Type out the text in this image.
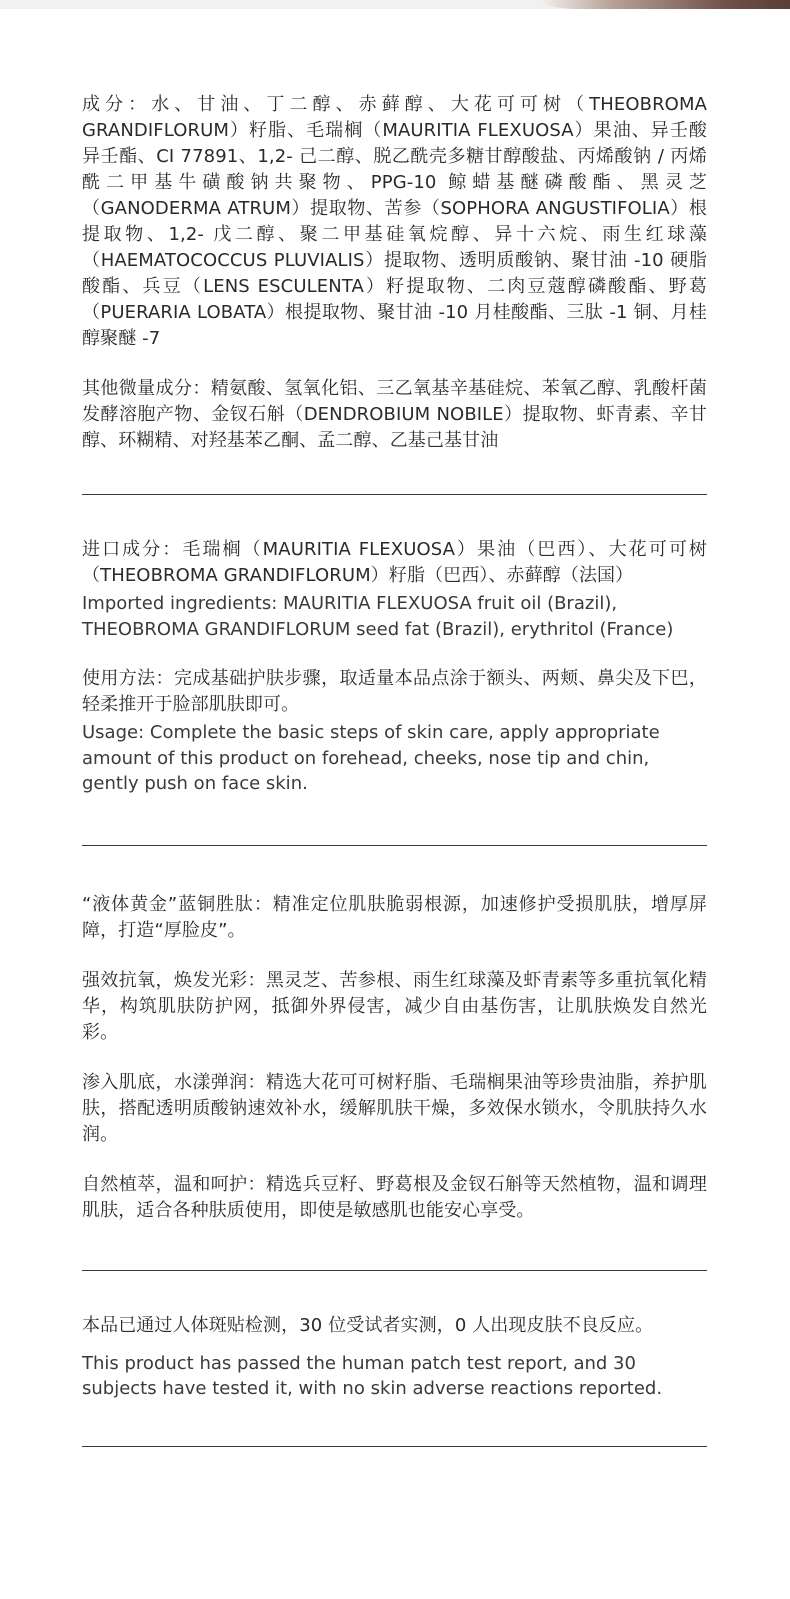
成分：水、甘油、丁二醇、赤藓醇、大花可可树（THEOBROMA GRANDIFLORUM）籽脂、毛瑞榈（MAURITIA FLEXUOSA）果油、异壬酸异壬酯、CI 77891、1,2- 己二醇、脱乙酰壳多糖甘醇酸盐、丙烯酸钠 / 丙烯酰二甲基牛磺酸钠共聚物、PPG-10 鲸蜡基醚磷酸酯、黑灵芝（GANODERMA ATRUM）提取物、苦参（SOPHORA ANGUSTIFOLIA）根提取物、1,2- 戊二醇、聚二甲基硅氧烷醇、异十六烷、雨生红球藻（HAEMATOCOCCUS PLUVIALIS）提取物、透明质酸钠、聚甘油 -10 硬脂酸酯、兵豆（LENS ESCULENTA）籽提取物、二肉豆蔻醇磷酸酯、野葛（PUERARIA LOBATA）根提取物、聚甘油 -10 月桂酸酯、三肽 -1 铜、月桂醇聚醚 -7

其他微量成分：精氨酸、氢氧化铝、三乙氧基辛基硅烷、苯氧乙醇、乳酸杆菌发酵溶胞产物、金钗石斛（DENDROBIUM NOBILE）提取物、虾青素、辛甘醇、环糊精、对羟基苯乙酮、孟二醇、乙基己基甘油

进口成分：毛瑞榈（MAURITIA FLEXUOSA）果油（巴西）、大花可可树（THEOBROMA GRANDIFLORUM）籽脂（巴西）、赤藓醇（法国）

Imported ingredients: MAURITIA FLEXUOSA fruit oil (Brazil), THEOBROMA GRANDIFLORUM seed fat (Brazil), erythritol (France)

使用方法：完成基础护肤步骤，取适量本品点涂于额头、两颊、鼻尖及下巴，轻柔推开于脸部肌肤即可。

Usage: Complete the basic steps of skin care, apply appropriate amount of this product on forehead, cheeks, nose tip and chin, gently push on face skin.

“液体黄金”蓝铜胜肽：精准定位肌肤脆弱根源，加速修护受损肌肤，增厚屏障，打造“厚脸皮”。

强效抗氧，焕发光彩：黑灵芝、苦参根、雨生红球藻及虾青素等多重抗氧化精华，构筑肌肤防护网，抵御外界侵害，减少自由基伤害，让肌肤焕发自然光彩。

渗入肌底，水漾弹润：精选大花可可树籽脂、毛瑞榈果油等珍贵油脂，养护肌肤，搭配透明质酸钠速效补水，缓解肌肤干燥，多效保水锁水，令肌肤持久水润。

自然植萃，温和呵护：精选兵豆籽、野葛根及金钗石斛等天然植物，温和调理肌肤，适合各种肤质使用，即使是敏感肌也能安心享受。

本品已通过人体斑贴检测，30 位受试者实测，0 人出现皮肤不良反应。

This product has passed the human patch test report, and 30 subjects have tested it, with no skin adverse reactions reported.
